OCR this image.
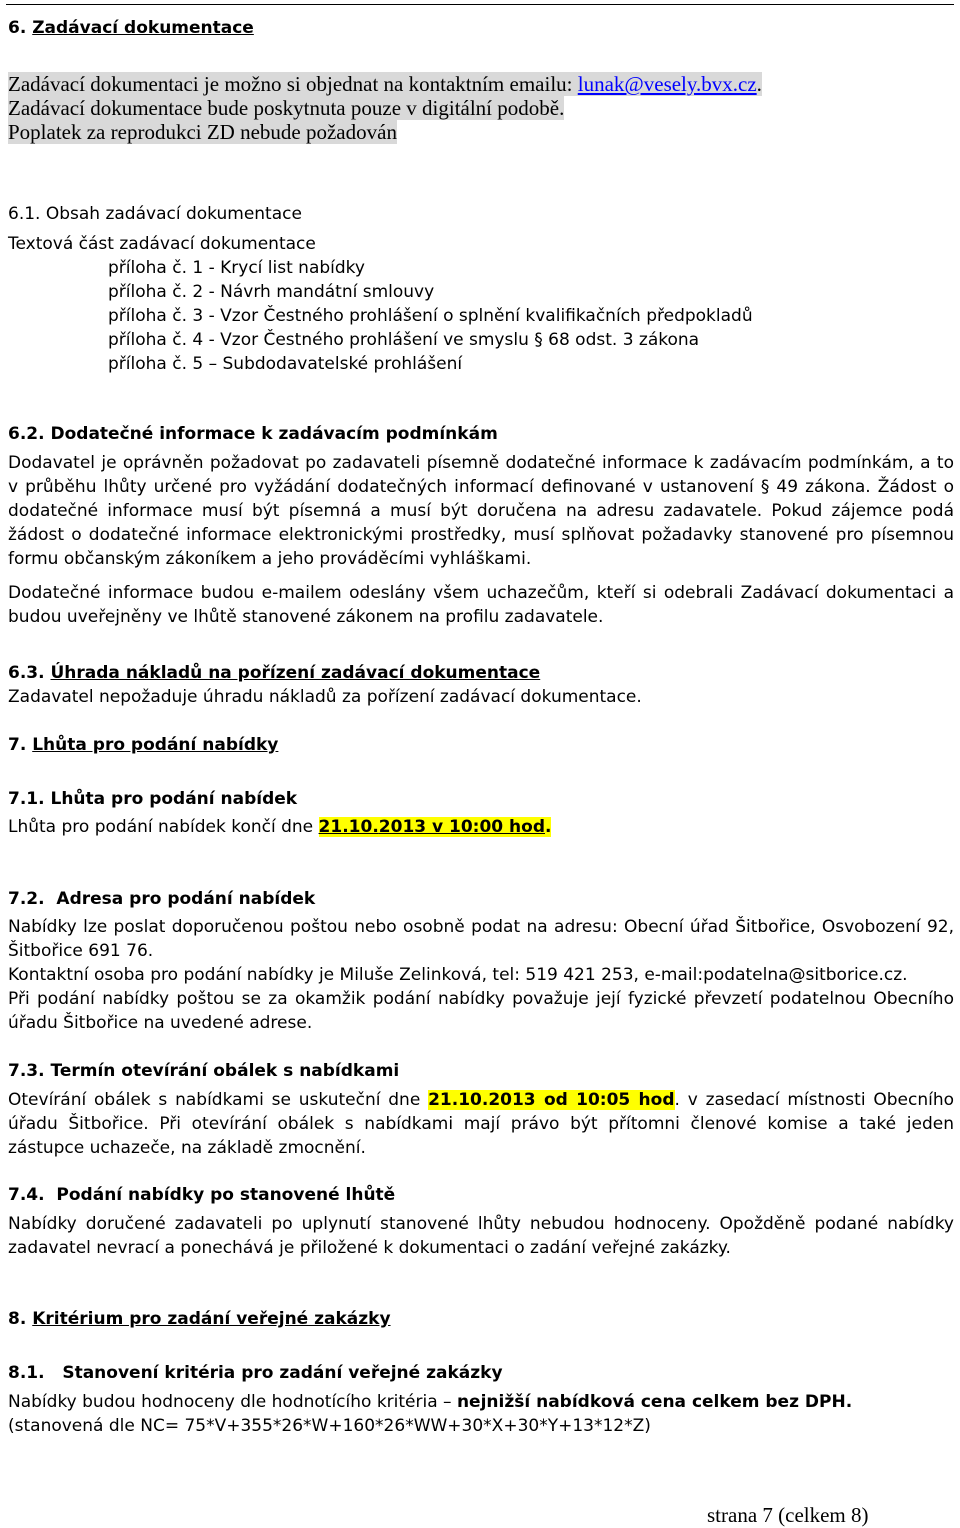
6. Zadávací dokumentace

Zadávací dokumentaci je možno si objednat na kontaktním emailu: lunak@vesely.bvx.cz.
Zadávací dokumentace bude poskytnuta pouze v digitální podobě.
Poplatek za reprodukci ZD nebude požadován

6.1. Obsah zadávací dokumentace

Textová část zadávací dokumentace

příloha č. 1 - Krycí list nabídky

příloha č. 2 - Návrh mandátní smlouvy

příloha č. 3 - Vzor Čestného prohlášení o splnění kvalifikačních předpokladů

příloha č. 4 - Vzor Čestného prohlášení ve smyslu § 68 odst. 3 zákona

příloha č. 5 – Subdodavatelské prohlášení

6.2. Dodatečné informace k zadávacím podmínkám

Dodavatel je oprávněn požadovat po zadavateli písemně dodatečné informace k zadávacím podmínkám, a to v průběhu lhůty určené pro vyžádání dodatečných informací definované v ustanovení § 49 zákona. Žádost o dodatečné informace musí být písemná a musí být doručena na adresu zadavatele. Pokud zájemce podá žádost o dodatečné informace elektronickými prostředky, musí splňovat požadavky stanovené pro písemnou formu občanským zákoníkem a jeho prováděcími vyhláškami.

Dodatečné informace budou e-mailem odeslány všem uchazečům, kteří si odebrali Zadávací dokumentaci a budou uveřejněny ve lhůtě stanovené zákonem na profilu zadavatele.

6.3. Úhrada nákladů na pořízení zadávací dokumentace

Zadavatel nepožaduje úhradu nákladů za pořízení zadávací dokumentace.

7. Lhůta pro podání nabídky

7.1. Lhůta pro podání nabídek

Lhůta pro podání nabídek končí dne 21.10.2013 v 10:00 hod.

7.2. Adresa pro podání nabídek

Nabídky lze poslat doporučenou poštou nebo osobně podat na adresu: Obecní úřad Šitbořice, Osvobození 92, Šitbořice 691 76.

Kontaktní osoba pro podání nabídky je Miluše Zelinková, tel: 519 421 253, e-mail:podatelna@sitborice.cz.

Při podání nabídky poštou se za okamžik podání nabídky považuje její fyzické převzetí podatelnou Obecního úřadu Šitbořice na uvedené adrese.

7.3. Termín otevírání obálek s nabídkami

Otevírání obálek s nabídkami se uskuteční dne 21.10.2013 od 10:05 hod. v zasedací místnosti Obecního úřadu Šitbořice. Při otevírání obálek s nabídkami mají právo být přítomni členové komise a také jeden zástupce uchazeče, na základě zmocnění.

7.4. Podání nabídky po stanovené lhůtě

Nabídky doručené zadavateli po uplynutí stanovené lhůty nebudou hodnoceny. Opožděně podané nabídky zadavatel nevrací a ponechává je přiložené k dokumentaci o zadání veřejné zakázky.

8. Kritérium pro zadání veřejné zakázky

8.1. Stanovení kritéria pro zadání veřejné zakázky

Nabídky budou hodnoceny dle hodnotícího kritéria – nejnižší nabídková cena celkem bez DPH.

(stanovená dle NC= 75*V+355*26*W+160*26*WW+30*X+30*Y+13*12*Z)

strana 7 (celkem 8)
